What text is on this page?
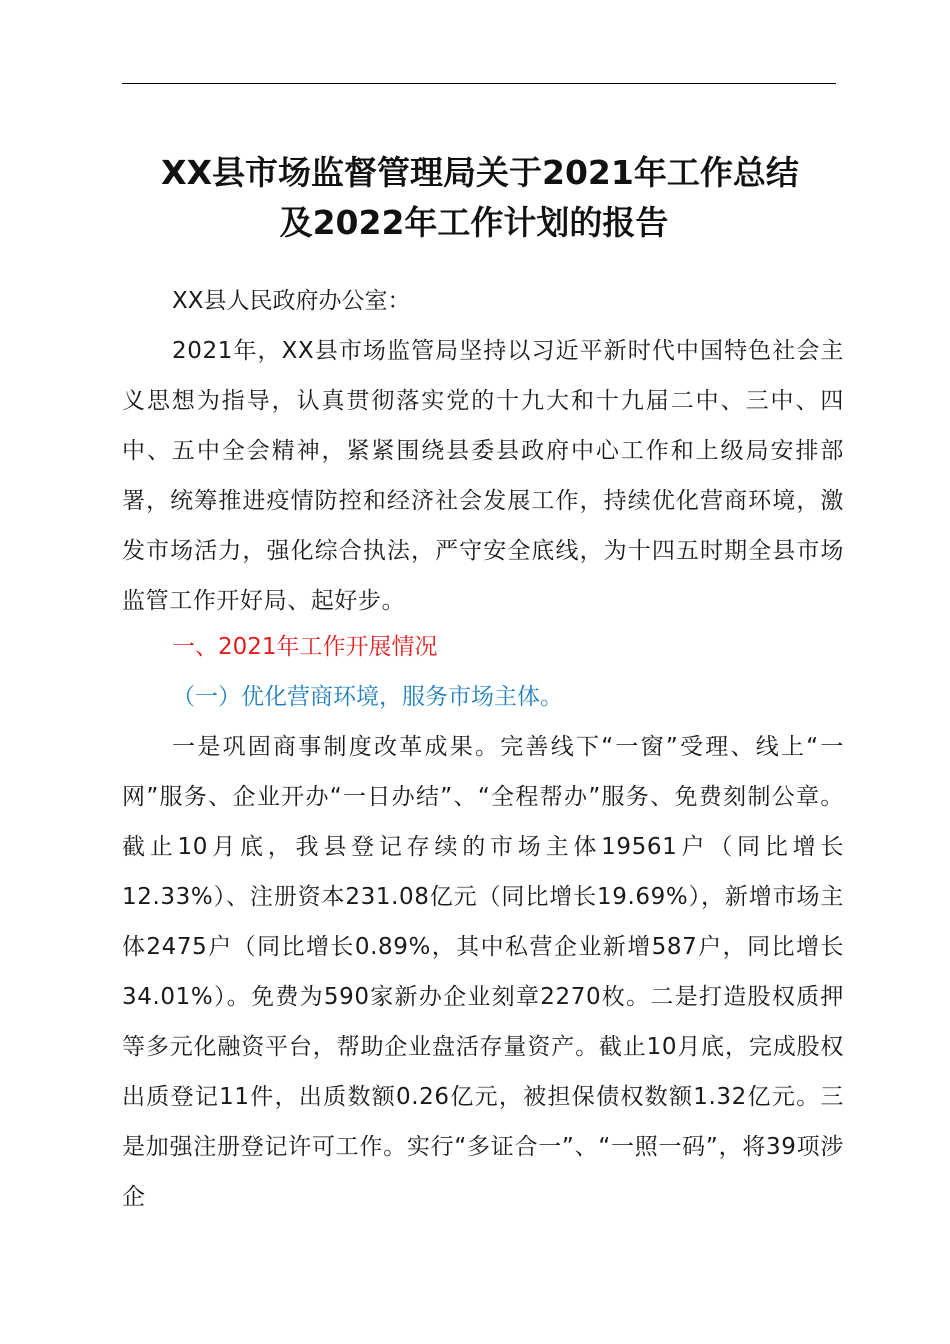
XX县市场监督管理局关于2021年工作总结
及2022年工作计划的报告
XX县人民政府办公室：
2021年，XX县市场监管局坚持以习近平新时代中国特色社会主义思想为指导，认真贯彻落实党的十九大和十九届二中、三中、四中、五中全会精神，紧紧围绕县委县政府中心工作和上级局安排部署，统筹推进疫情防控和经济社会发展工作，持续优化营商环境，激发市场活力，强化综合执法，严守安全底线，为十四五时期全县市场监管工作开好局、起好步。
一、2021年工作开展情况
（一）优化营商环境，服务市场主体。
一是巩固商事制度改革成果。完善线下“一窗”受理、线上“一网”服务、企业开办“一日办结”、“全程帮办”服务、免费刻制公章。截止10月底，我县登记存续的市场主体19561户（同比增长12.33%）、注册资本231.08亿元（同比增长19.69%），新增市场主体2475户（同比增长0.89%，其中私营企业新增587户，同比增长34.01%）。免费为590家新办企业刻章2270枚。二是打造股权质押等多元化融资平台，帮助企业盘活存量资产。截止10月底，完成股权出质登记11件，出质数额0.26亿元，被担保债权数额1.32亿元。三是加强注册登记许可工作。实行“多证合一”、“一照一码”，将39项涉企
